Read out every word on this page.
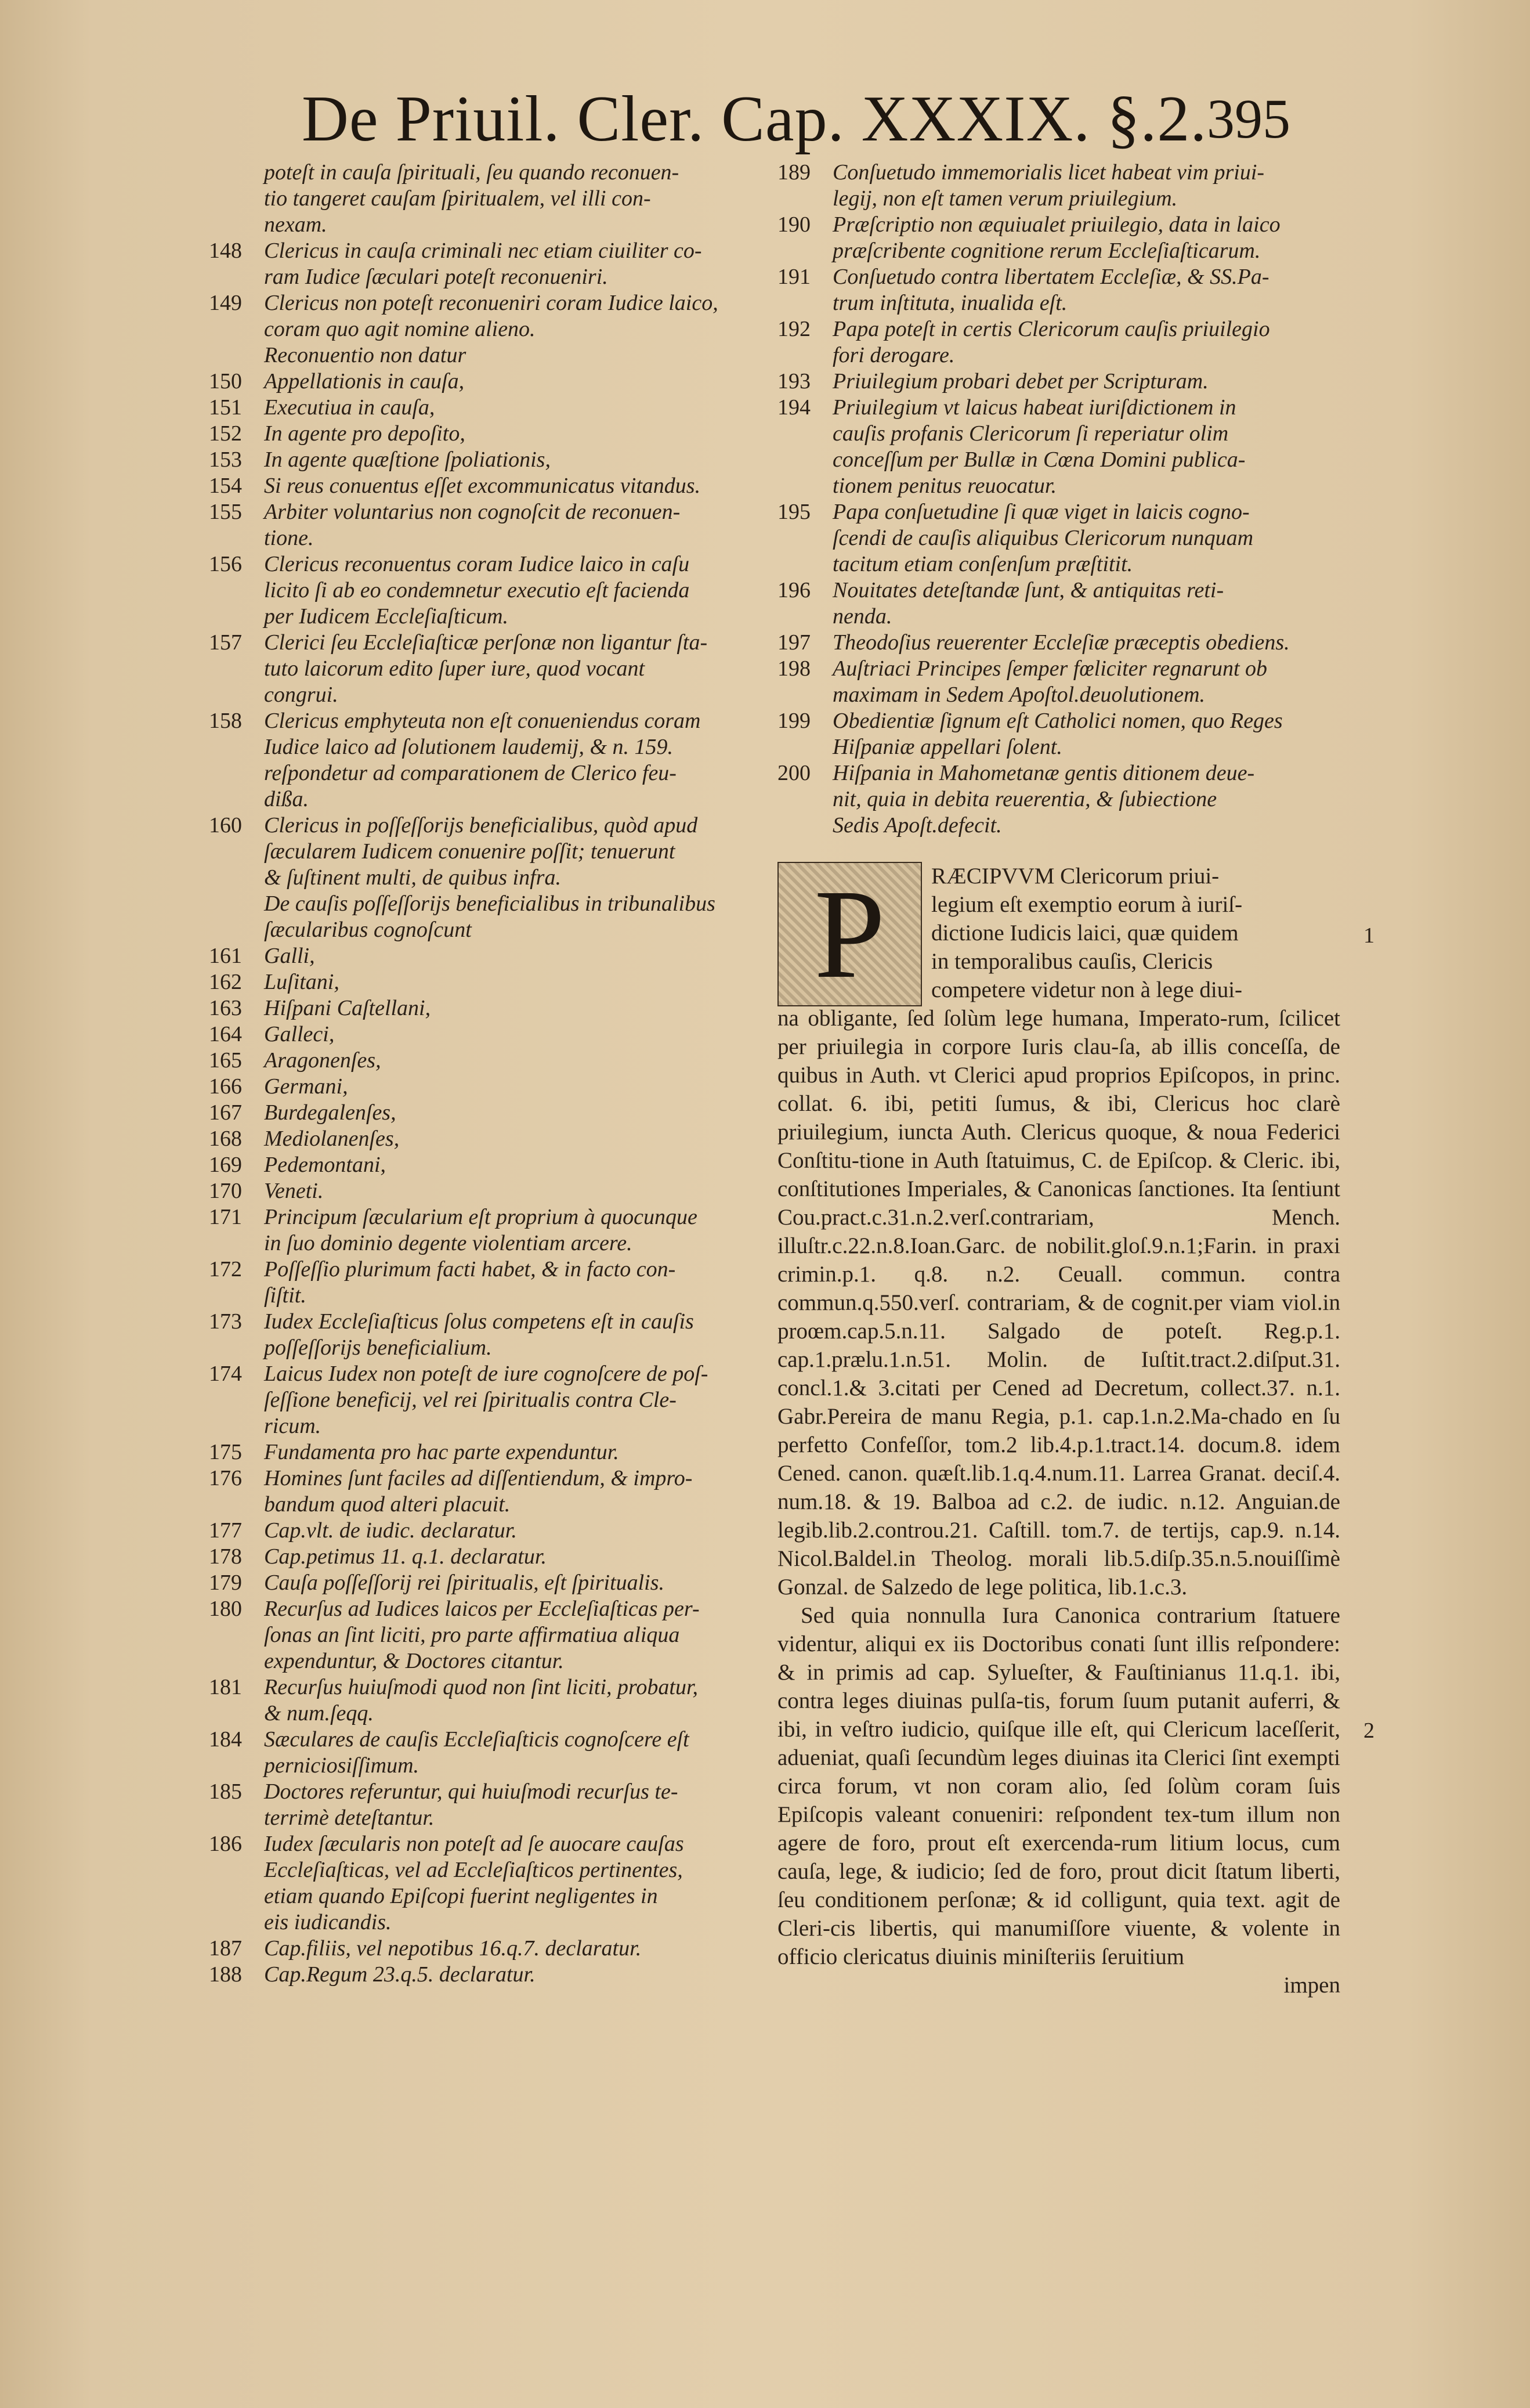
De Priuil. Cler. Cap. XXXIX. §.2. 395
poteſt in cauſa ſpirituali, ſeu quando reconuen-
tio tangeret cauſam ſpiritualem, vel illi con-
nexam.
148 Clericus in cauſa criminali nec etiam ciuiliter co-
ram Iudice ſæculari poteſt reconueniri.
149 Clericus non poteſt reconueniri coram Iudice laico,
coram quo agit nomine alieno.
Reconuentio non datur
150 Appellationis in cauſa,
151 Executiua in cauſa,
152 In agente pro depoſito,
153 In agente quæſtione ſpoliationis,
154 Si reus conuentus eſſet excommunicatus vitandus.
155 Arbiter voluntarius non cognoſcit de reconuen-
tione.
156 Clericus reconuentus coram Iudice laico in caſu
licito ſi ab eo condemnetur executio eſt facienda
per Iudicem Eccleſiaſticum.
157 Clerici ſeu Eccleſiaſticæ perſonæ non ligantur ſta-
tuto laicorum edito ſuper iure, quod vocant
congrui.
158 Clericus emphyteuta non eſt conueniendus coram
Iudice laico ad ſolutionem laudemij, & n. 159.
reſpondetur ad comparationem de Clerico feu-
dißa.
160 Clericus in poſſeſſorijs beneficialibus, quòd apud
ſæcularem Iudicem conuenire poſſit; tenuerunt
& ſuſtinent multi, de quibus infra.
De cauſis poſſeſſorijs beneficialibus in tribunalibus
ſæcularibus cognoſcunt
161 Galli,
162 Luſitani,
163 Hiſpani Caſtellani,
164 Galleci,
165 Aragonenſes,
166 Germani,
167 Burdegalenſes,
168 Mediolanenſes,
169 Pedemontani,
170 Veneti.
171 Principum ſæcularium eſt proprium à quocunque
in ſuo dominio degente violentiam arcere.
172 Poſſeſſio plurimum facti habet, & in facto con-
ſiſtit.
173 Iudex Eccleſiaſticus ſolus competens eſt in cauſis
poſſeſſorijs beneficialium.
174 Laicus Iudex non poteſt de iure cognoſcere de poſ-
ſeſſione beneficij, vel rei ſpiritualis contra Cle-
ricum.
175 Fundamenta pro hac parte expenduntur.
176 Homines ſunt faciles ad diſſentiendum, & impro-
bandum quod alteri placuit.
177 Cap.vlt. de iudic. declaratur.
178 Cap.petimus 11. q.1. declaratur.
179 Cauſa poſſeſſorij rei ſpiritualis, eſt ſpiritualis.
180 Recurſus ad Iudices laicos per Eccleſiaſticas per-
ſonas an ſint liciti, pro parte affirmatiua aliqua
expenduntur, & Doctores citantur.
181 Recurſus huiuſmodi quod non ſint liciti, probatur,
& num.ſeqq.
184 Sæculares de cauſis Eccleſiaſticis cognoſcere eſt
perniciosiſſimum.
185 Doctores referuntur, qui huiuſmodi recurſus te-
terrimè deteſtantur.
186 Iudex ſæcularis non poteſt ad ſe auocare cauſas
Eccleſiaſticas, vel ad Eccleſiaſticos pertinentes,
etiam quando Epiſcopi fuerint negligentes in
eis iudicandis.
187 Cap.filiis, vel nepotibus 16.q.7. declaratur.
188 Cap.Regum 23.q.5. declaratur.
189 Conſuetudo immemorialis licet habeat vim priui-
legij, non eſt tamen verum priuilegium.
190 Præſcriptio non æquiualet priuilegio, data in laico
præſcribente cognitione rerum Eccleſiaſticarum.
191 Conſuetudo contra libertatem Eccleſiæ, & SS.Pa-
trum inſtituta, inualida eſt.
192 Papa poteſt in certis Clericorum cauſis priuilegio
fori derogare.
193 Priuilegium probari debet per Scripturam.
194 Priuilegium vt laicus habeat iuriſdictionem in
cauſis profanis Clericorum ſi reperiatur olim
conceſſum per Bullæ in Cœna Domini publica-
tionem penitus reuocatur.
195 Papa conſuetudine ſi quæ viget in laicis cogno-
ſcendi de cauſis aliquibus Clericorum nunquam
tacitum etiam conſenſum præſtitit.
196 Nouitates deteſtandæ ſunt, & antiquitas reti-
nenda.
197 Theodoſius reuerenter Eccleſiæ præceptis obediens.
198 Auſtriaci Principes ſemper fœliciter regnarunt ob
maximam in Sedem Apoſtol.deuolutionem.
199 Obedientiæ ſignum eſt Catholici nomen, quo Reges
Hiſpaniæ appellari ſolent.
200 Hiſpania in Mahometanæ gentis ditionem deue-
nit, quia in debita reuerentia, & ſubiectione
Sedis Apoſt.defecit.
P	RÆCIPVVM Clericorum priui-
legium eſt exemptio eorum à iuriſ-
dictione Iudicis laici, quæ quidem
in temporalibus cauſis, Clericis
competere videtur non à lege diui-
na obligante, ſed ſolùm lege humana, Imperato-rum, ſcilicet per priuilegia in corpore Iuris clau-ſa, ab illis conceſſa, de quibus in Auth. vt Clerici apud proprios Epiſcopos, in princ. collat. 6. ibi, petiti ſumus, & ibi, Clericus hoc clarè priuilegium, iuncta Auth. Clericus quoque, & noua Federici Conſtitu-tione in Auth ſtatuimus, C. de Epiſcop. & Cleric. ibi, conſtitutiones Imperiales, & Canonicas ſanctiones. Ita ſentiunt Cou.pract.c.31.n.2.verſ.contrariam, Mench. illuſtr.c.22.n.8.Ioan.Garc. de nobilit.gloſ.9.n.1;Farin. in praxi crimin.p.1. q.8. n.2. Ceuall. commun. contra commun.q.550.verſ. contrariam, & de cognit.per viam viol.in proœm.cap.5.n.11. Salgado de poteſt. Reg.p.1. cap.1.prælu.1.n.51. Molin. de Iuſtit.tract.2.diſput.31. concl.1.& 3.citati per Cened ad Decretum, collect.37. n.1. Gabr.Pereira de manu Regia, p.1. cap.1.n.2.Ma-chado en ſu perfetto Confeſſor, tom.2 lib.4.p.1.tract.14. docum.8. idem Cened. canon. quæſt.lib.1.q.4.num.11. Larrea Granat. deciſ.4. num.18. & 19. Balboa ad c.2. de iudic. n.12. Anguian.de legib.lib.2.controu.21. Caſtill. tom.7. de tertijs, cap.9. n.14. Nicol.Baldel.in Theolog. morali lib.5.diſp.35.n.5.nouiſſimè Gonzal. de Salzedo de lege politica, lib.1.c.3.
Sed quia nonnulla Iura Canonica contrarium ſtatuere videntur, aliqui ex iis Doctoribus conati ſunt illis reſpondere: & in primis ad cap. Sylueſter, & Fauſtinianus 11.q.1. ibi, contra leges diuinas pulſa-tis, forum ſuum putanit auferri, & ibi, in veſtro iudicio, quiſque ille eſt, qui Clericum laceſſerit, adueniat, quaſi ſecundùm leges diuinas ita Clerici ſint exempti circa forum, vt non coram alio, ſed ſolùm coram ſuis Epiſcopis valeant conueniri: reſpondent tex-tum illum non agere de foro, prout eſt exercenda-rum litium locus, cum cauſa, lege, & iudicio; ſed de foro, prout dicit ſtatum liberti, ſeu conditionem perſonæ; & id colligunt, quia text. agit de Cleri-cis libertis, qui manumiſſore viuente, & volente in officio clericatus diuinis miniſteriis ſeruitium
impen
1
2
